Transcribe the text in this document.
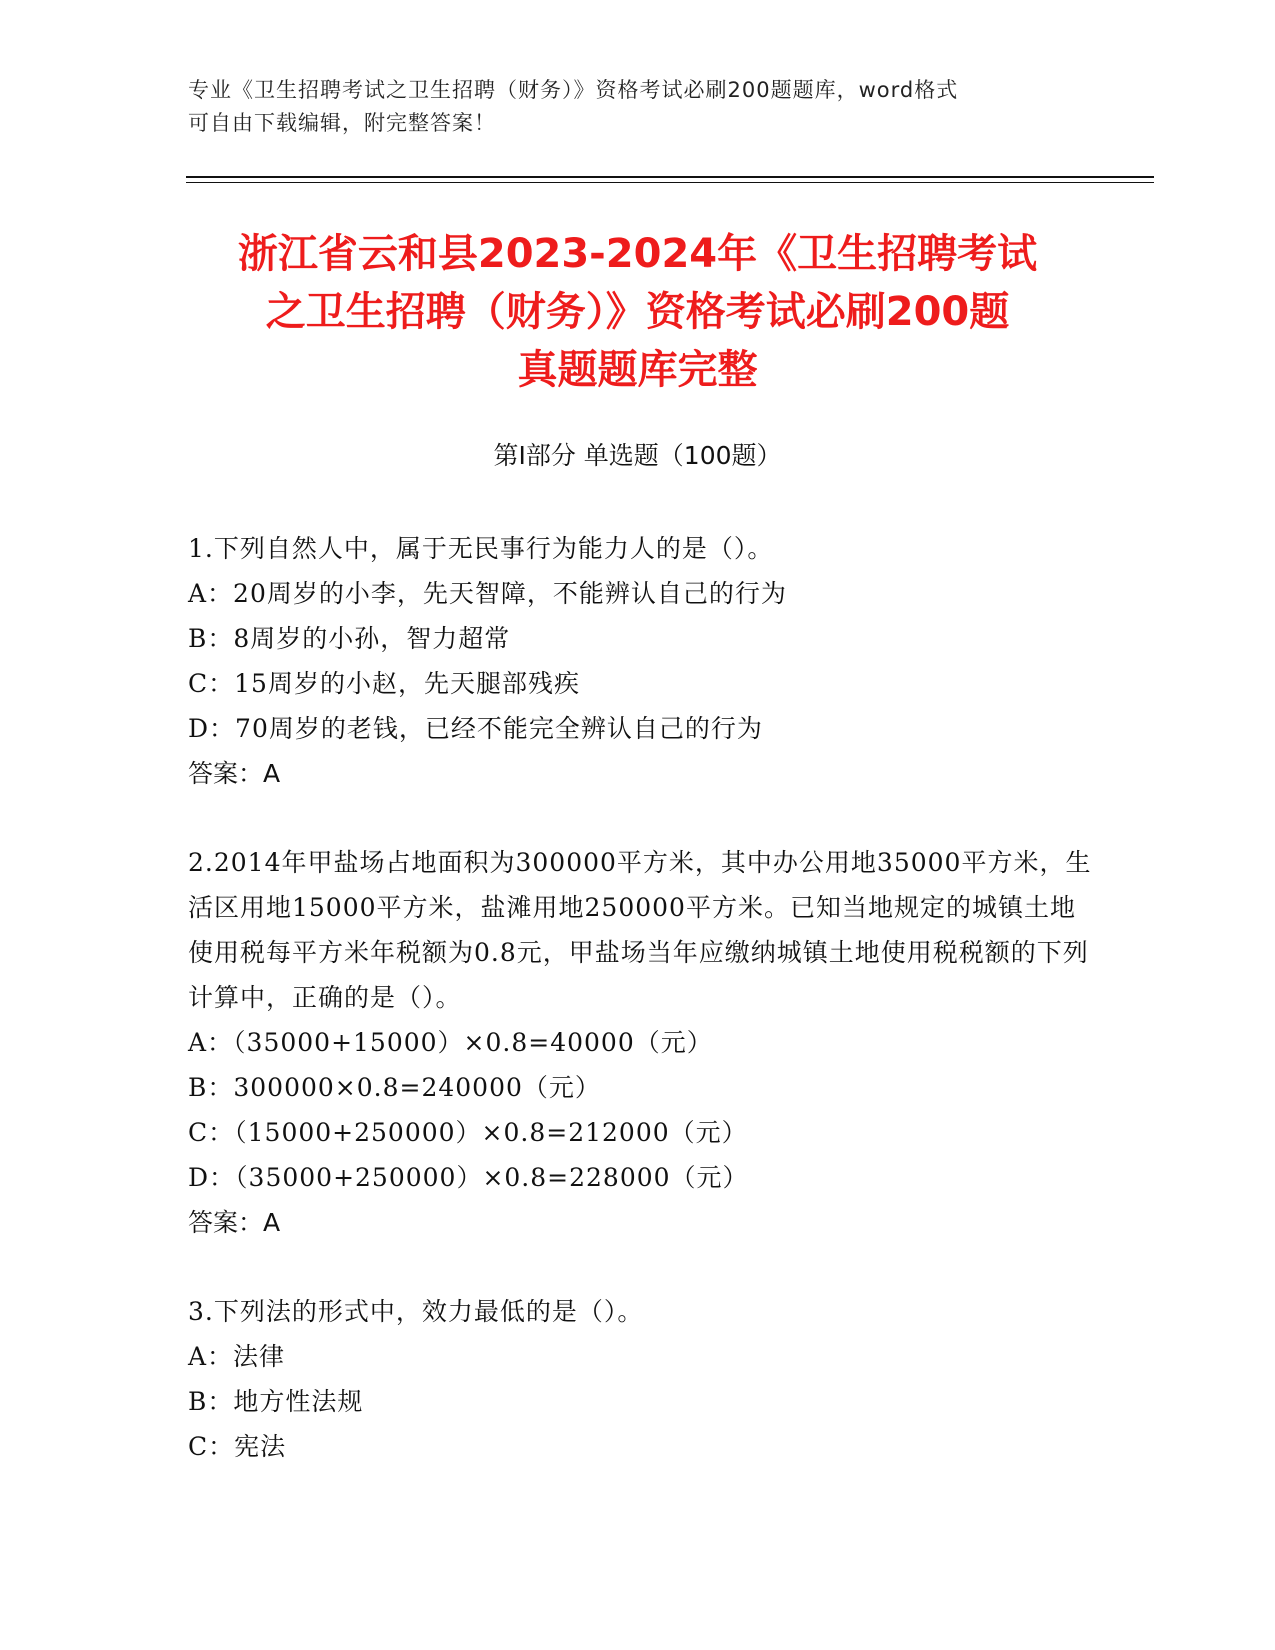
专业《卫生招聘考试之卫生招聘（财务）》资格考试必刷200题题库，word格式
可自由下载编辑，附完整答案！
浙江省云和县2023-2024年《卫生招聘考试
之卫生招聘（财务）》资格考试必刷200题
真题题库完整
第Ⅰ部分 单选题（100题）
1.下列自然人中，属于无民事行为能力人的是（）。
A：20周岁的小李，先天智障，不能辨认自己的行为
B：8周岁的小孙，智力超常
C：15周岁的小赵，先天腿部残疾
D：70周岁的老钱，已经不能完全辨认自己的行为
答案：A
2.2014年甲盐场占地面积为300000平方米，其中办公用地35000平方米，生活区用地15000平方米，盐滩用地250000平方米。已知当地规定的城镇土地使用税每平方米年税额为0.8元，甲盐场当年应缴纳城镇土地使用税税额的下列计算中，正确的是（）。
A：（35000+15000）×0.8=40000（元）
B：300000×0.8=240000（元）
C：（15000+250000）×0.8=212000（元）
D：（35000+250000）×0.8=228000（元）
答案：A
3.下列法的形式中，效力最低的是（）。
A：法律
B：地方性法规
C：宪法
